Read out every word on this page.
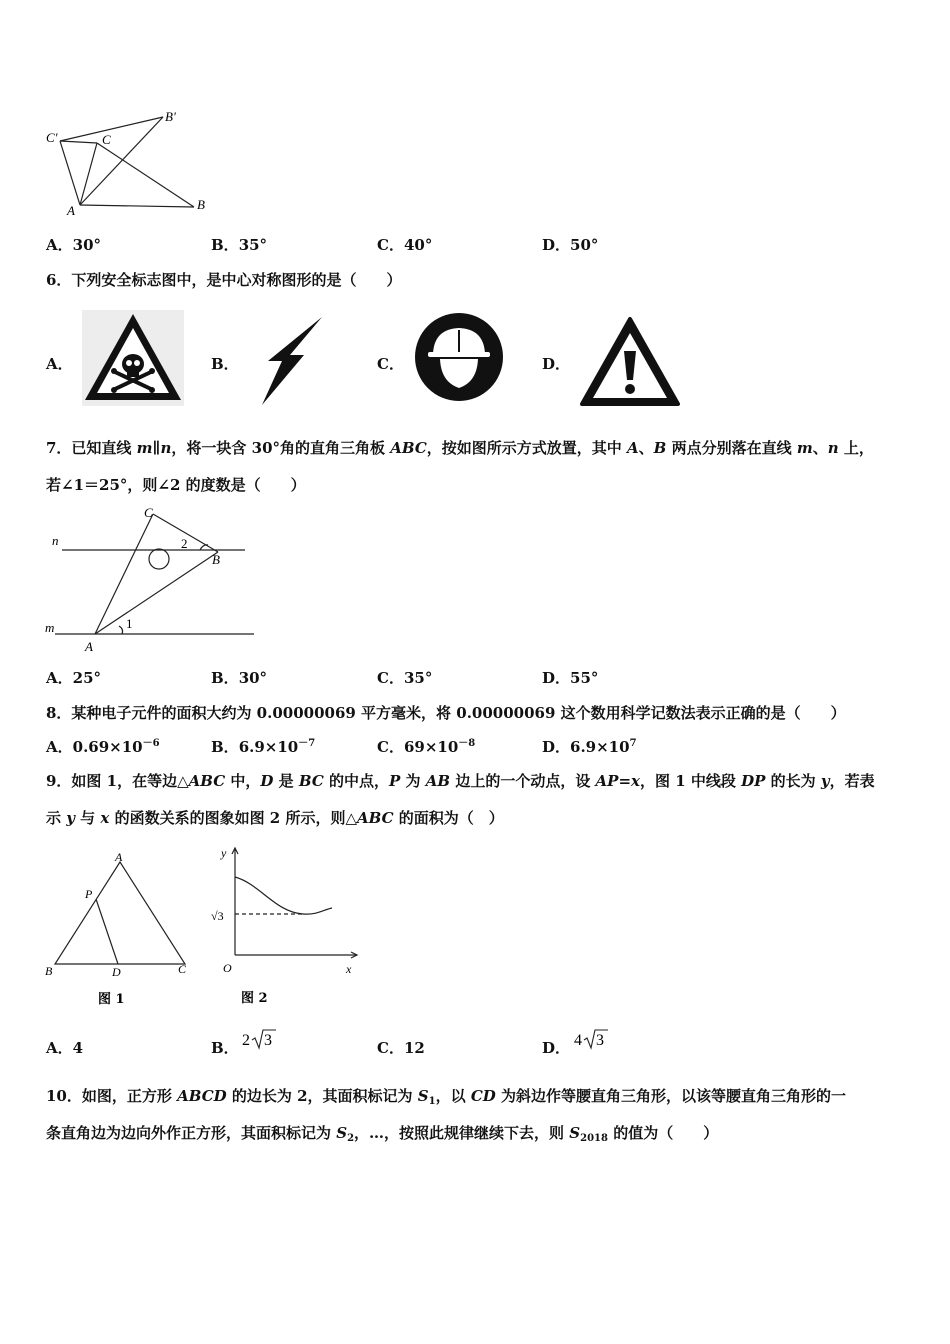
C'
B'
C
A	B
A．30°	B．35°	C．40°	D．50°
6．下列安全标志图中，是中心对称图形的是（　　）
A．	B．	C．	D．
7．已知直线 m∥n，将一块含 30°角的直角三角板 ABC，按如图所示方式放置，其中 A、B 两点分别落在直线 m、n 上，
若∠1＝25°，则∠2 的度数是（　　）
C
n	2
B
m	1
A
A．25°	B．30°	C．35°	D．55°
8．某种电子元件的面积大约为 0.00000069 平方毫米，将 0.00000069 这个数用科学记数法表示正确的是（　　）
A．$0.69\times 10^{-6}$	B．$6.9\times 10^{-7}$	C．$69\times 10^{-8}$	D．$6.9\times 10^7$
9．如图 1，在等边△ABC 中，D 是 BC 的中点，P 为 AB 边上的一个动点，设 AP=x，图 1 中线段 DP 的长为 y，若表
示 y 与 x 的函数关系的图象如图 2 所示，则△ABC 的面积为（　）
A
P
B	D	C
图 1
y
√3
O	x
图 2
A．4	B． 2 3	C．12	D． 4 3
10．如图，正方形 ABCD 的边长为 2，其面积标记为 $S_1$，以 CD 为斜边作等腰直角三角形，以该等腰直角三角形的一
条直角边为边向外作正方形，其面积标记为 $S_2$，…，按照此规律继续下去，则 $S_{2018}$ 的值为（　　）
